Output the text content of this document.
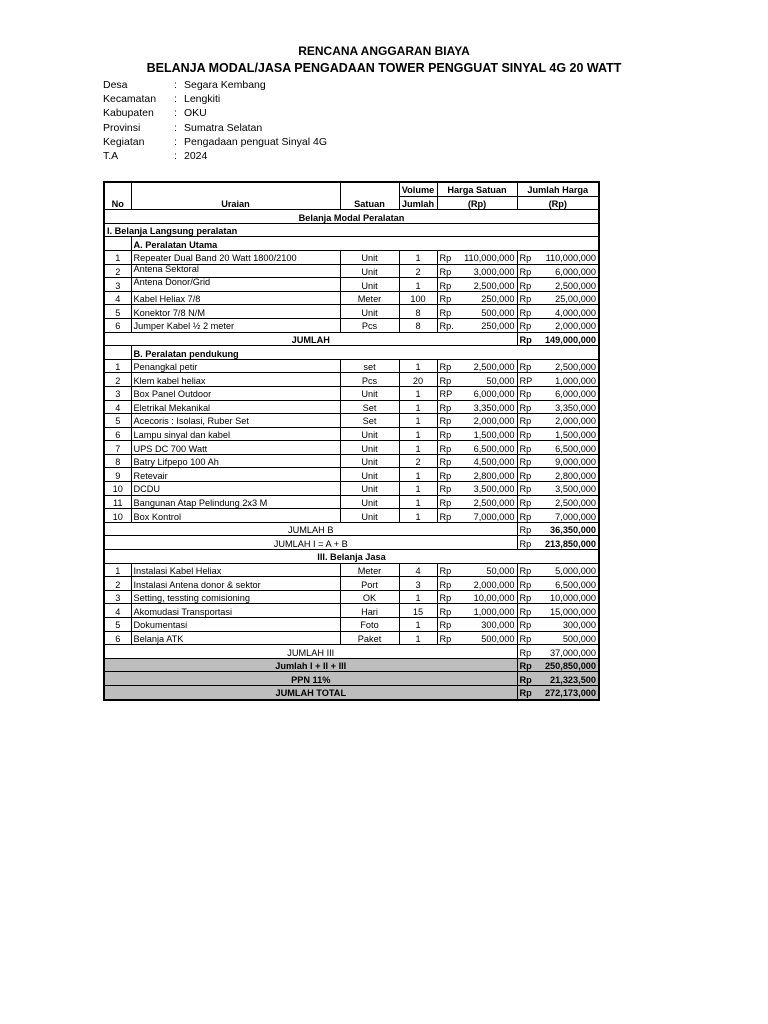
RENCANA ANGGARAN BIAYA
BELANJA MODAL/JASA PENGADAAN TOWER PENGGUAT SINYAL 4G 20 WATT
Desa	: Segara Kembang
Kecamatan	: Lengkiti
Kabupaten	: OKU
Provinsi	: Sumatra Selatan
Kegiatan	: Pengadaan penguat Sinyal 4G
T.A	: 2024
No	Uraian	Satuan	Volume	Harga Satuan		Jumlah Harga	
			Jumlah	(Rp)		(Rp)	
Belanja Modal Peralatan							
I. Belanja Langsung peralatan							
	A. Peralatan Utama						
1	Repeater Dual Band 20 Watt 1800/2100	Unit	1	Rp	110,000,000	Rp	110,000,000
2	Antena Sektoral	Unit	2	Rp	3,000,000	Rp	6,000,000
3	Antena Donor/Grid	Unit	1	Rp	2,500,000	Rp	2,500,000
4	Kabel Heliax 7/8	Meter	100	Rp	250,000	Rp	25,00,000
5	Konektor 7/8 N/M	Unit	8	Rp	500,000	Rp	4,000,000
6	Jumper Kabel ½ 2 meter	Pcs	8	Rp.	250,000	Rp	2,000,000
JUMLAH						Rp	149,000,000
	B. Peralatan pendukung						
1	Penangkal petir	set	1	Rp	2,500,000	Rp	2,500,000
2	Klem kabel heliax	Pcs	20	Rp	50,000	RP	1,000,000
3	Box Panel Outdoor	Unit	1	RP	6,000,000	Rp	6,000,000
4	Eletrikal Mekanikal	Set	1	Rp	3,350,000	Rp	3,350,000
5	Acecoris : Isolasi, Ruber Set	Set	1	Rp	2,000,000	Rp	2,000,000
6	Lampu sinyal dan kabel	Unit	1	Rp	1,500,000	Rp	1,500,000
7	UPS DC 700 Watt	Unit	1	Rp	6,500,000	Rp	6,500,000
8	Batry Lifpepo 100 Ah	Unit	2	Rp	4,500,000	Rp	9,000,000
9	Retevair	Unit	1	Rp	2,800,000	Rp	2,800,000
10	DCDU	Unit	1	Rp	3,500,000	Rp	3,500,000
11	Bangunan Atap Pelindung 2x3 M	Unit	1	Rp	2,500,000	Rp	2,500,000
10	Box Kontrol	Unit	1	Rp	7,000,000	Rp	7,000,000
JUMLAH B						Rp	36,350,000
JUMLAH I = A + B						Rp	213,850,000
III. Belanja Jasa							
1	Instalasi Kabel Heliax	Meter	4	Rp	50,000	Rp	5,000,000
2	Instalasi Antena donor & sektor	Port	3	Rp	2,000,000	Rp	6,500,000
3	Setting, tessting comisioning	OK	1	Rp	10,00,000	Rp	10,000,000
4	Akomudasi Transportasi	Hari	15	Rp	1,000,000	Rp	15,000,000
5	Dokumentasi	Foto	1	Rp	300,000	Rp	300,000
6	Belanja ATK	Paket	1	Rp	500,000	Rp	500,000
JUMLAH III						Rp	37,000,000
Jumlah I + II + III						Rp	250,850,000
PPN 11%						Rp	21,323,500
JUMLAH TOTAL						Rp	272,173,000
